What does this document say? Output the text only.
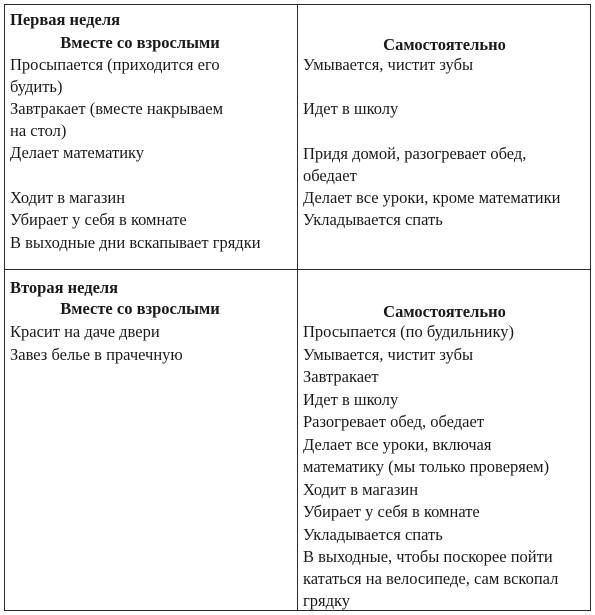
Первая неделя
Вместе со взрослыми	Самостоятельно
Просыпается (приходится его
будить)
Завтракает (вместе накрываем
на стол)
Делает математику
Ходит в магазин
Убирает у себя в комнате
В выходные дни вскапывает грядки
Умывается, чистит зубы
Идет в школу
Придя домой, разогревает обед,
обедает
Делает все уроки, кроме математики
Укладывается спать
Вторая неделя
Вместе со взрослыми	Самостоятельно
Красит на даче двери
Завез белье в прачечную
Просыпается (по будильнику)
Умывается, чистит зубы
Завтракает
Идет в школу
Разогревает обед, обедает
Делает все уроки, включая
математику (мы только проверяем)
Ходит в магазин
Убирает у себя в комнате
Укладывается спать
В выходные, чтобы поскорее пойти
кататься на велосипеде, сам вскопал
грядку
